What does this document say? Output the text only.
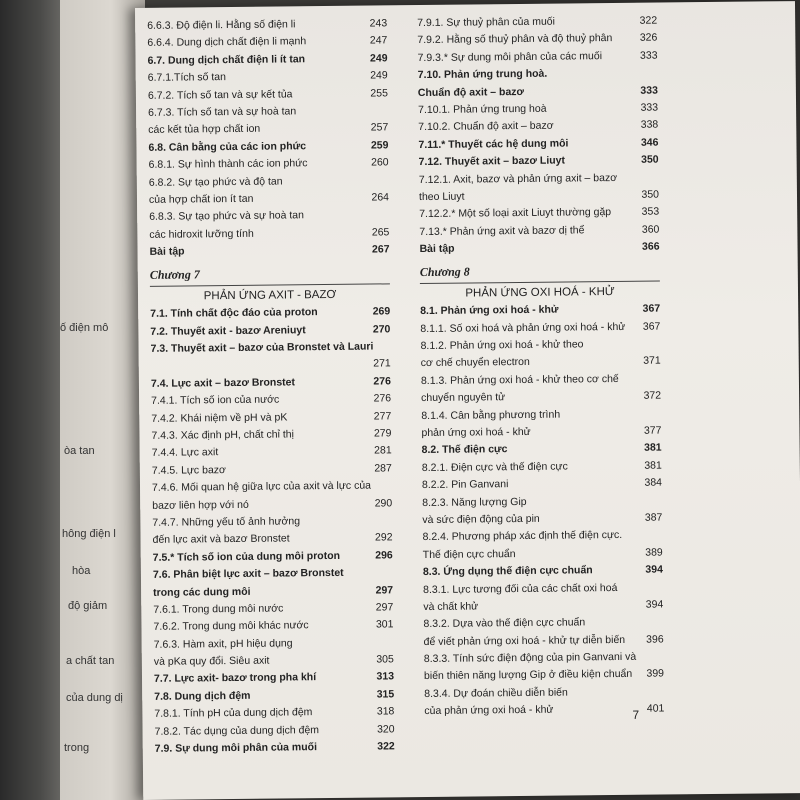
ố điện mô
òa tan
hông điện l
hòa
độ giảm
a chất tan
của dung dị
trong
6.6.3. Độ điện li. Hằng số điện li	243
6.6.4. Dung dịch chất điện li mạnh	247
6.7. Dung dịch chất điện li ít tan	249
6.7.1.Tích số tan	249
6.7.2. Tích số tan và sự kết tủa	255
6.7.3. Tích số tan và sự hoà tan
các kết tủa hợp chất ion	257
6.8. Cân bằng của các ion phức	259
6.8.1. Sự hình thành các ion phức	260
6.8.2. Sự tạo phức và độ tan
của hợp chất ion ít tan	264
6.8.3. Sự tạo phức và sự hoà tan
các hidroxit lưỡng tính	265
Bài tập	267
Chương 7
PHẢN ỨNG AXIT - BAZƠ
7.1. Tính chất độc đáo của proton	269
7.2. Thuyết axit - bazơ Areniuyt	270
7.3. Thuyết axit – bazơ của Bronstet và Lauri
271
7.4. Lực axit – bazơ Bronstet	276
7.4.1. Tích số ion của nước	276
7.4.2. Khái niệm về pH và pK	277
7.4.3. Xác định pH, chất chỉ thị	279
7.4.4. Lực axit	281
7.4.5. Lực bazơ	287
7.4.6. Mối quan hệ giữa lực của axit và lực của
bazơ liên hợp với nó	290
7.4.7. Những yếu tố ảnh hưởng
đến lực axit và bazơ Bronstet	292
7.5.* Tích số ion của dung môi proton	296
7.6. Phân biệt lực axit – bazơ Bronstet
trong các dung môi	297
7.6.1. Trong dung môi nước	297
7.6.2. Trong dung môi khác nước	301
7.6.3. Hàm axit, pH hiệu dụng
và pKa quy đổi. Siêu axit	305
7.7. Lực axit- bazơ trong pha khí	313
7.8. Dung dịch đệm	315
7.8.1. Tính pH của dung dịch đệm	318
7.8.2. Tác dụng của dung dịch đệm	320
7.9. Sự dung môi phân của muối	322
7.9.1. Sự thuỷ phân của muối	322
7.9.2. Hằng số thuỷ phân và độ thuỷ phân	326
7.9.3.* Sự dung môi phân của các muối	333
7.10. Phản ứng trung hoà.
Chuẩn độ axit – bazơ	333
7.10.1. Phản ứng trung hoà	333
7.10.2. Chuẩn độ axit – bazơ	338
7.11.* Thuyết các hệ dung môi	346
7.12. Thuyết axit – bazơ Liuyt	350
7.12.1. Axit, bazơ và phản ứng axit – bazơ
theo Liuyt	350
7.12.2.* Một số loại axit Liuyt thường gặp	353
7.13.* Phản ứng axit và bazơ dị thể	360
Bài tập	366
Chương 8
PHẢN ỨNG OXI HOÁ - KHỬ
8.1. Phản ứng oxi hoá - khử	367
8.1.1. Số oxi hoá và phản ứng oxi hoá - khử 367
8.1.2. Phản ứng oxi hoá - khử theo
cơ chế chuyển electron	371
8.1.3. Phản ứng oxi hoá - khử theo cơ chế
chuyển nguyên tử	372
8.1.4. Cân bằng phương trình
phản ứng oxi hoá - khử	377
8.2. Thế điện cực	381
8.2.1. Điện cực và thế điện cực	381
8.2.2. Pin Ganvani	384
8.2.3. Năng lượng Gip
và sức điện động của pin	387
8.2.4. Phương pháp xác định thế điện cực.
Thế điện cực chuẩn	389
8.3. Ứng dụng thế điện cực chuẩn	394
8.3.1. Lực tương đối của các chất oxi hoá
và chất khử	394
8.3.2. Dựa vào thế điện cực chuẩn
để viết phản ứng oxi hoá - khử tự diễn biến 396
8.3.3. Tính sức điện động của pin Ganvani và
biến thiên năng lượng Gip ở điều kiện chuẩn 399
8.3.4. Dự đoán chiều diễn biến
của phản ứng oxi hoá - khử	401
7
